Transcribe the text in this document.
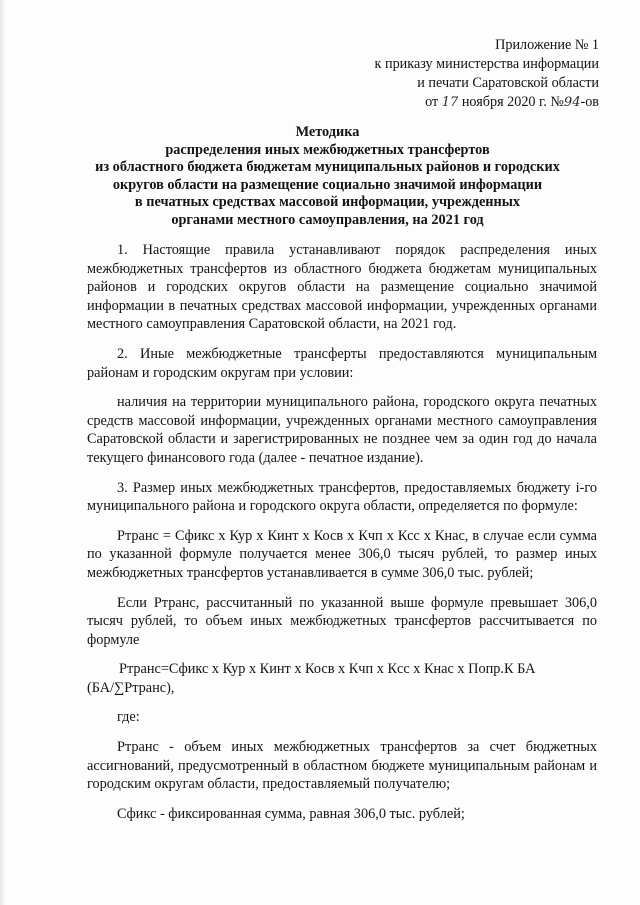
Приложение № 1
к приказу министерства информации
и печати Саратовской области
от 17 ноября 2020 г. №94-ов
Методика
распределения иных межбюджетных трансфертов
из областного бюджета бюджетам муниципальных районов и городских
округов области на размещение социально значимой информации
в печатных средствах массовой информации, учрежденных
органами местного самоуправления, на 2021 год

1. Настоящие правила устанавливают порядок распределения иных межбюджетных трансфертов из областного бюджета бюджетам муниципальных районов и городских округов области на размещение социально значимой информации в печатных средствах массовой информации, учрежденных органами местного самоуправления Саратовской области, на 2021 год.

2. Иные межбюджетные трансферты предоставляются муниципальным районам и городским округам при условии:

наличия на территории муниципального района, городского округа печатных средств массовой информации, учрежденных органами местного самоуправления Саратовской области и зарегистрированных не позднее чем за один год до начала текущего финансового года (далее - печатное издание).

3. Размер иных межбюджетных трансфертов, предоставляемых бюджету i-го муниципального района и городского округа области, определяется по формуле:

Ртранс = Сфикс х Кур х Кинт х Косв х Кчп х Ксс х Кнас, в случае если сумма по указанной формуле получается менее 306,0 тысяч рублей, то размер иных межбюджетных трансфертов устанавливается в сумме 306,0 тыс. рублей;

Если Ртранс, рассчитанный по указанной выше формуле превышает 306,0 тысяч рублей, то объем иных межбюджетных трансфертов рассчитывается по формуле

Ртранс=Сфикс х Кур х Кинт х Косв х Кчп х Кcс х Кнас х Попр.К БА

(БА/∑Ртранс),

где:

Ртранс - объем иных межбюджетных трансфертов за счет бюджетных ассигнований, предусмотренный в областном бюджете муниципальным районам и городским округам области, предоставляемый получателю;

Сфикс - фиксированная сумма, равная 306,0 тыс. рублей;
